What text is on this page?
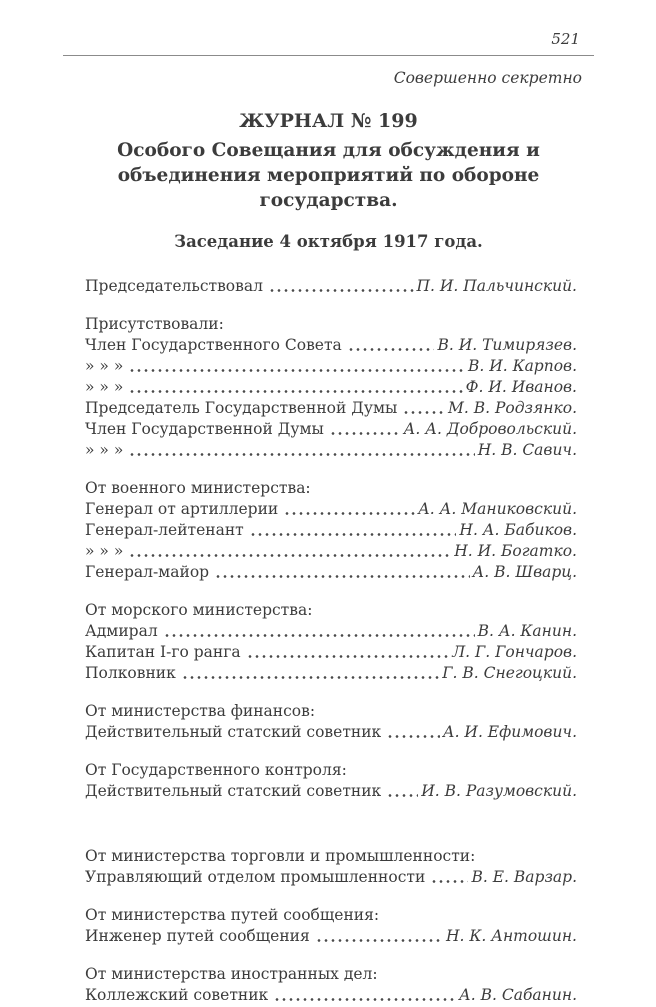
521
Совершенно секретно
ЖУРНАЛ № 199
Особого Совещания для обсуждения и объединения мероприятий по обороне государства.
Заседание 4 октября 1917 года.
Председательствовал	П. И. Пальчинский.
Присутствовали:
Член Государственного Совета	В. И. Тимирязев.
» » »	В. И. Карпов.
» » »	Ф. И. Иванов.
Председатель Государственной Думы	М. В. Родзянко.
Член Государственной Думы	А. А. Добровольский.
» » »	Н. В. Савич.
От военного министерства:
Генерал от артиллерии	А. А. Маниковский.
Генерал-лейтенант	Н. А. Бабиков.
» » »	Н. И. Богатко.
Генерал-майор	А. В. Шварц.
От морского министерства:
Адмирал	В. А. Канин.
Капитан I-го ранга	Л. Г. Гончаров.
Полковник	Г. В. Снегоцкий.
От министерства финансов:
Действительный статский советник	А. И. Ефимович.
От Государственного контроля:
Действительный статский советник	И. В. Разумовский.
От министерства торговли и промышленности:
Управляющий отделом промышленности	В. Е. Варзар.
От министерства путей сообщения:
Инженер путей сообщения	Н. К. Антошин.
От министерства иностранных дел:
Коллежский советник	А. В. Сабанин.
